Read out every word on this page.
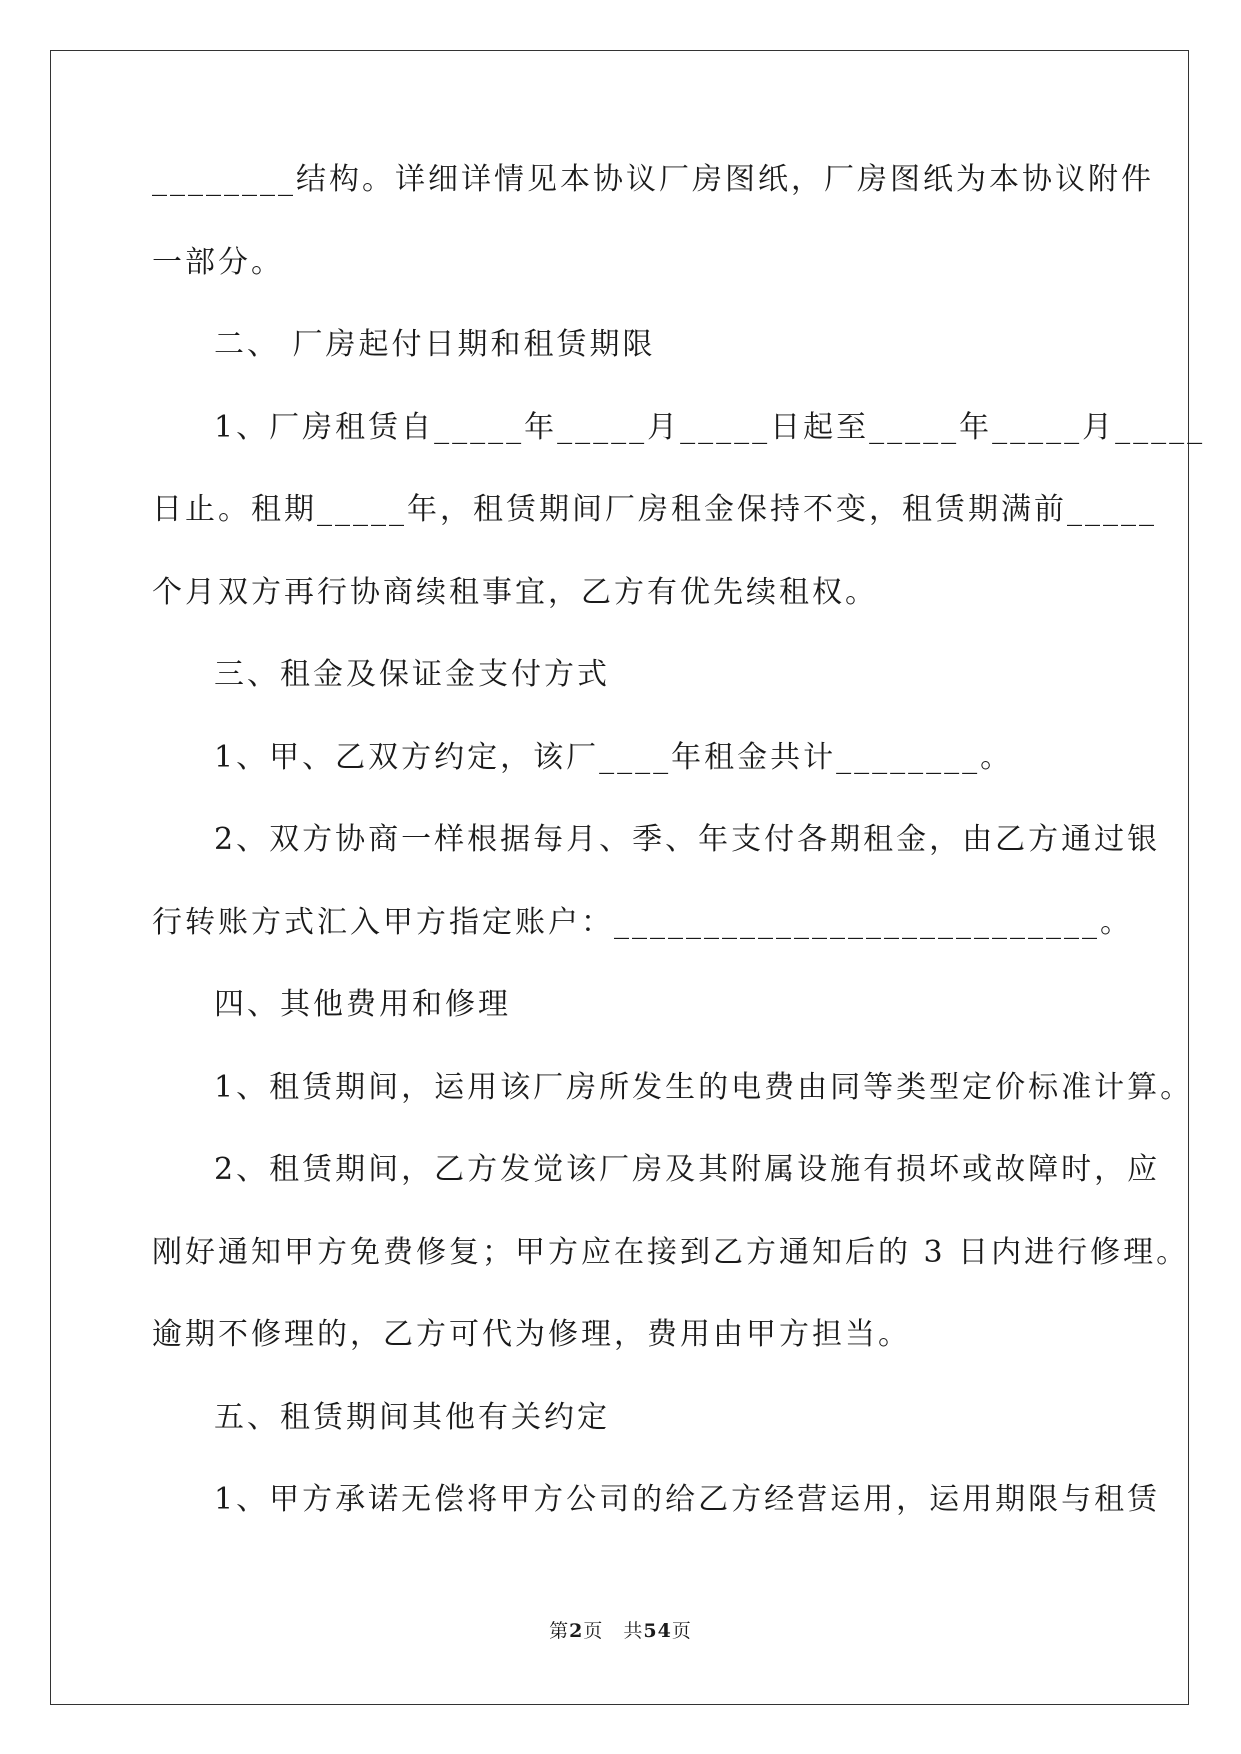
________结构。详细详情见本协议厂房图纸，厂房图纸为本协议附件
一部分。
二、 厂房起付日期和租赁期限
1、厂房租赁自_____年_____月_____日起至_____年_____月_____
日止。租期_____年，租赁期间厂房租金保持不变，租赁期满前_____
个月双方再行协商续租事宜，乙方有优先续租权。
三、租金及保证金支付方式
1、甲、乙双方约定，该厂____年租金共计________。
2、双方协商一样根据每月、季、年支付各期租金，由乙方通过银
行转账方式汇入甲方指定账户：___________________________。
四、其他费用和修理
1、租赁期间，运用该厂房所发生的电费由同等类型定价标准计算。
2、租赁期间，乙方发觉该厂房及其附属设施有损坏或故障时，应
刚好通知甲方免费修复；甲方应在接到乙方通知后的 3 日内进行修理。
逾期不修理的，乙方可代为修理，费用由甲方担当。
五、租赁期间其他有关约定
1、甲方承诺无偿将甲方公司的给乙方经营运用，运用期限与租赁
第2页 共54页
